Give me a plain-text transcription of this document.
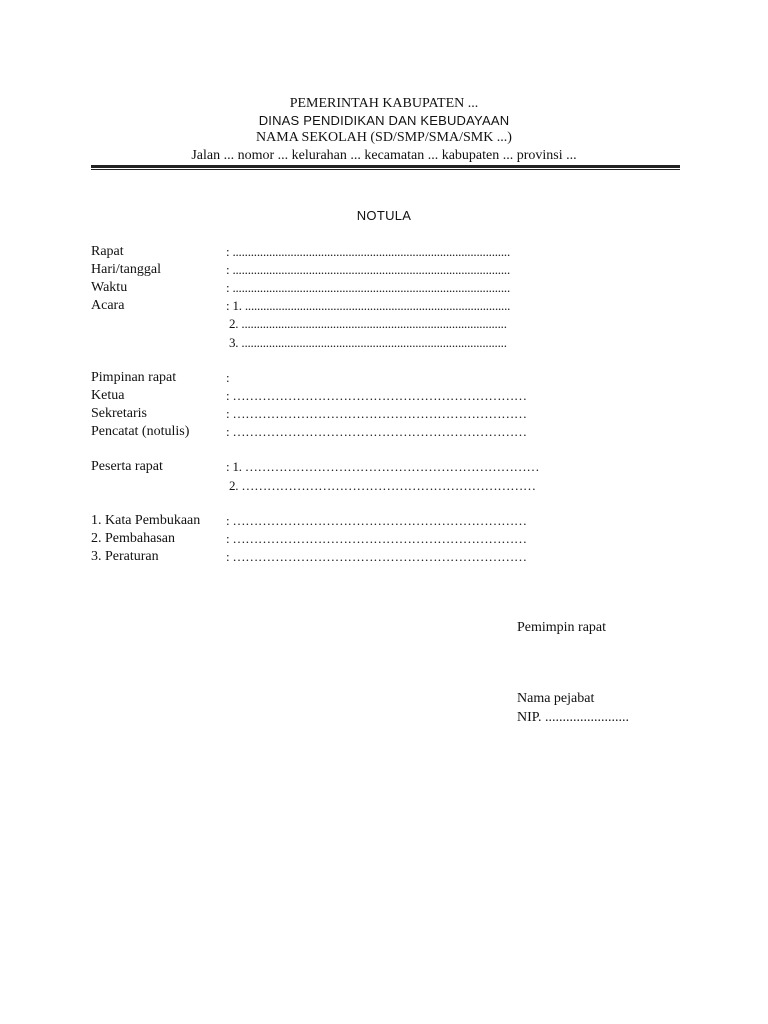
PEMERINTAH KABUPATEN ...
DINAS PENDIDIKAN DAN KEBUDAYAAN
NAMA SEKOLAH (SD/SMP/SMA/SMK ...)
Jalan ... nomor ... kelurahan ... kecamatan ... kabupaten ... provinsi ...
NOTULA
Rapat	: ...........................................................................................
Hari/tanggal	: ...........................................................................................
Waktu	: ...........................................................................................
Acara	: 1. .......................................................................................
2. .......................................................................................
3. .......................................................................................
Pimpinan rapat	:
Ketua	: ……………………………………………………………
Sekretaris	: ……………………………………………………………
Pencatat (notulis)	: ……………………………………………………………
Peserta rapat	: 1. ……………………………………………………………
2. ……………………………………………………………
1. Kata Pembukaan : ……………………………………………………………
2. Pembahasan	: ……………………………………………………………
3. Peraturan	: ……………………………………………………………
Pemimpin rapat
Nama pejabat
NIP. ........................
